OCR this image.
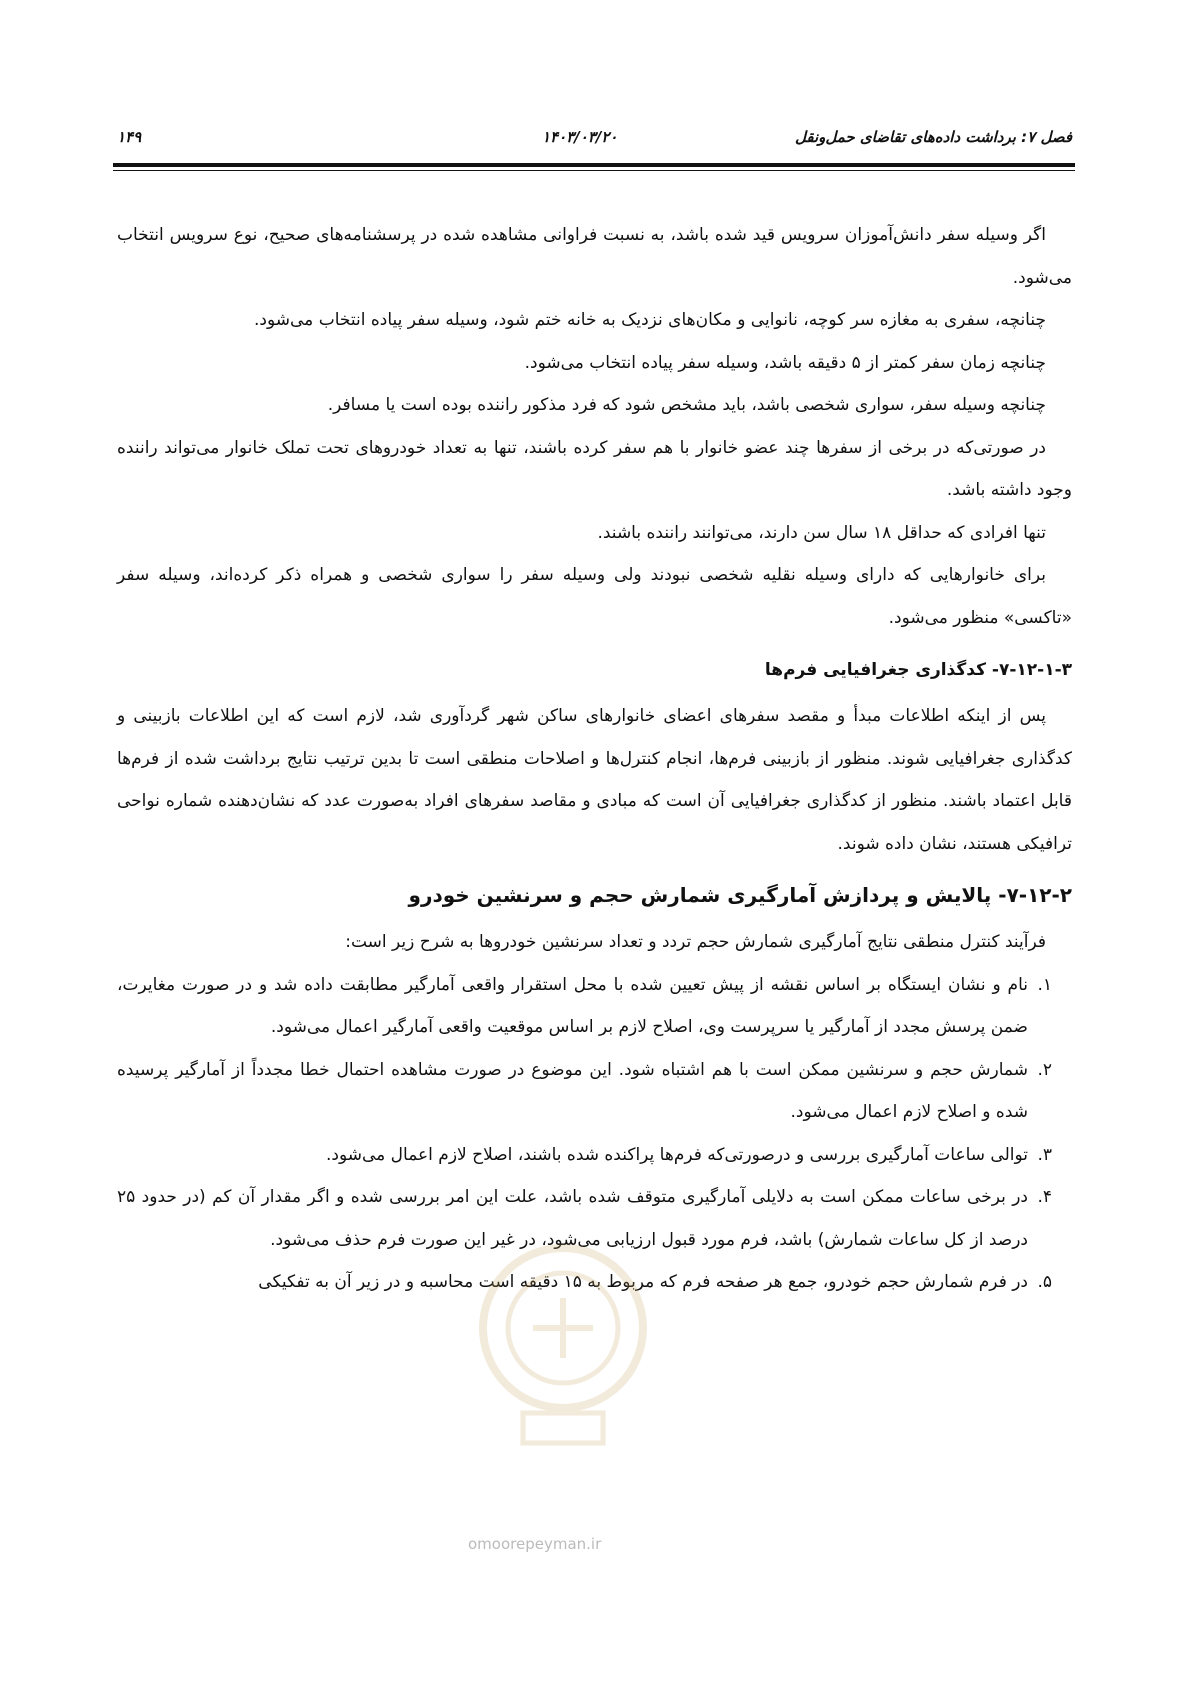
فصل ۷: برداشت داده‌های تقاضای حمل‌ونقل
۱۴۰۳/۰۳/۲۰
۱۴۹

اگر وسیله سفر دانش‌آموزان سرویس قید شده باشد، به نسبت فراوانی مشاهده شده در پرسشنامه‌های صحیح، نوع سرویس انتخاب می‌شود.

چنانچه، سفری به مغازه سر کوچه، نانوایی و مکان‌های نزدیک به خانه ختم شود، وسیله سفر پیاده انتخاب می‌شود.

چنانچه زمان سفر کمتر از ۵ دقیقه باشد، وسیله سفر پیاده انتخاب می‌شود.

چنانچه وسیله سفر، سواری شخصی باشد، باید مشخص شود که فرد مذکور راننده بوده است یا مسافر.

در صورتی‌که در برخی از سفرها چند عضو خانوار با هم سفر کرده باشند، تنها به تعداد خودروهای تحت تملک خانوار می‌تواند راننده وجود داشته باشد.

تنها افرادی که حداقل ۱۸ سال سن دارند، می‌توانند راننده باشند.

برای خانوارهایی که دارای وسیله نقلیه شخصی نبودند ولی وسیله سفر را سواری شخصی و همراه ذکر کرده‌اند، وسیله سفر «تاکسی» منظور می‌شود.

۷-۱۲-۱-۳- کدگذاری جغرافیایی فرم‌ها

پس از اینکه اطلاعات مبدأ و مقصد سفرهای اعضای خانوارهای ساکن شهر گردآوری شد، لازم است که این اطلاعات بازبینی و کدگذاری جغرافیایی شوند. منظور از بازبینی فرم‌ها، انجام کنترل‌ها و اصلاحات منطقی است تا بدین ترتیب نتایج برداشت شده از فرم‌ها قابل اعتماد باشند. منظور از کدگذاری جغرافیایی آن است که مبادی و مقاصد سفرهای افراد به‌صورت عدد که نشان‌دهنده شماره نواحی ترافیکی هستند، نشان داده شوند.

۷-۱۲-۲- پالایش و پردازش آمارگیری شمارش حجم و سرنشین خودرو

فرآیند کنترل منطقی نتایج آمارگیری شمارش حجم تردد و تعداد سرنشین خودروها به شرح زیر است:

۱.
نام و نشان ایستگاه بر اساس نقشه از پیش تعیین شده با محل استقرار واقعی آمارگیر مطابقت داده شد و در صورت مغایرت، ضمن پرسش مجدد از آمارگیر یا سرپرست وی، اصلاح لازم بر اساس موقعیت واقعی آمارگیر اعمال می‌شود.
۲.
شمارش حجم و سرنشین ممکن است با هم اشتباه شود. این موضوع در صورت مشاهده احتمال خطا مجدداً از آمارگیر پرسیده شده و اصلاح لازم اعمال می‌شود.
۳.
توالی ساعات آمارگیری بررسی و درصورتی‌که فرم‌ها پراکنده شده باشند، اصلاح لازم اعمال می‌شود.
۴.
در برخی ساعات ممکن است به دلایلی آمارگیری متوقف شده باشد، علت این امر بررسی شده و اگر مقدار آن کم (در حدود ۲۵ درصد از کل ساعات شمارش) باشد، فرم مورد قبول ارزیابی می‌شود، در غیر این صورت فرم حذف می‌شود.
۵.
در فرم شمارش حجم خودرو، جمع هر صفحه فرم که مربوط به ۱۵ دقیقه است محاسبه و در زیر آن به تفکیکی
omoorepeyman.ir
